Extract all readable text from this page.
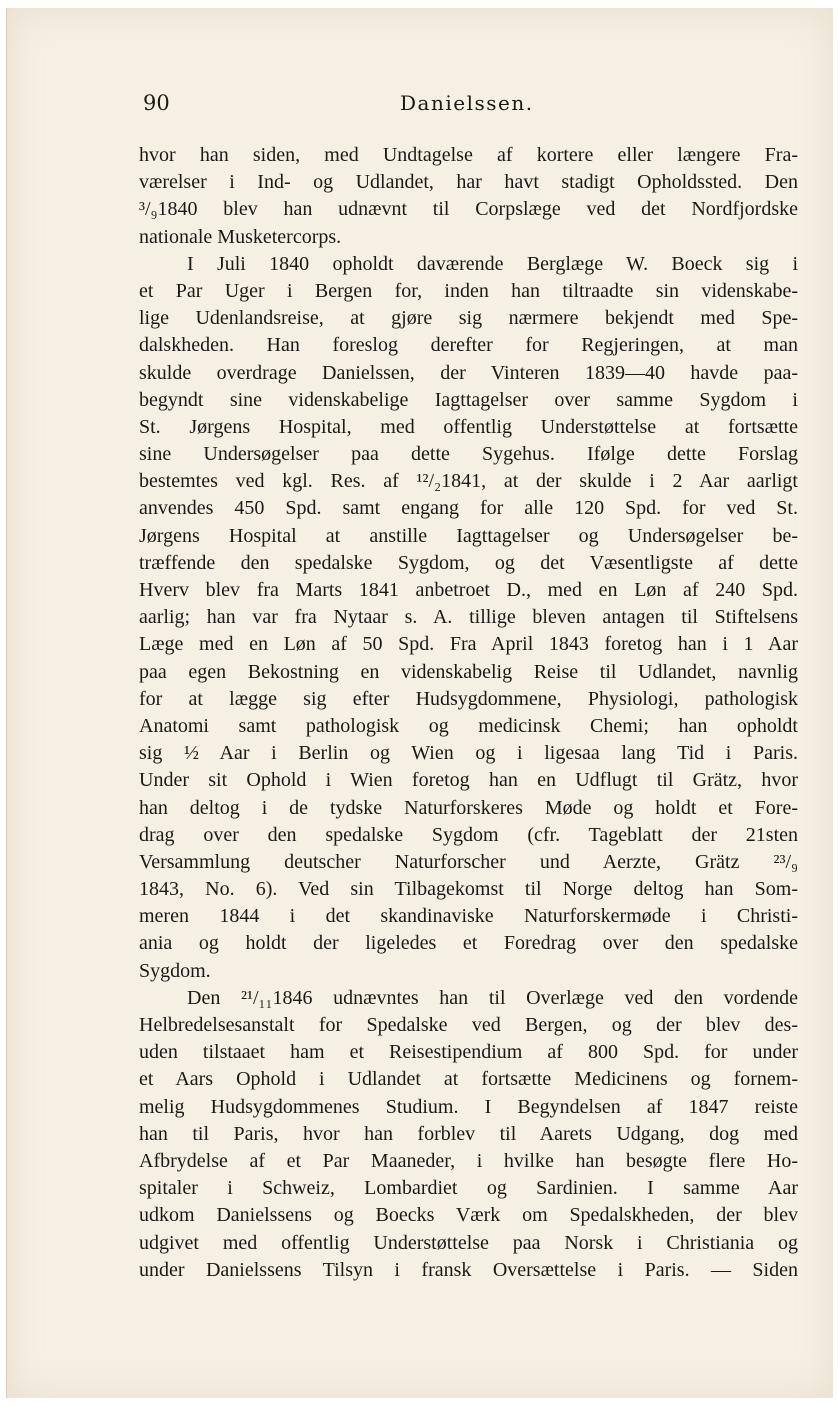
90	Danielssen.
hvor han siden, med Undtagelse af kortere eller længere Fra-
værelser i Ind- og Udlandet, har havt stadigt Opholdssted. Den
³/₉1840 blev han udnævnt til Corpslæge ved det Nordfjordske
nationale Musketercorps.
I Juli 1840 opholdt daværende Berglæge W. Boeck sig i
et Par Uger i Bergen for, inden han tiltraadte sin videnskabe-
lige Udenlandsreise, at gjøre sig nærmere bekjendt med Spe-
dalskheden. Han foreslog derefter for Regjeringen, at man
skulde overdrage Danielssen, der Vinteren 1839—40 havde paa-
begyndt sine videnskabelige Iagttagelser over samme Sygdom i
St. Jørgens Hospital, med offentlig Understøttelse at fortsætte
sine Undersøgelser paa dette Sygehus. Ifølge dette Forslag
bestemtes ved kgl. Res. af ¹²/₂1841, at der skulde i 2 Aar aarligt
anvendes 450 Spd. samt engang for alle 120 Spd. for ved St.
Jørgens Hospital at anstille Iagttagelser og Undersøgelser be-
træffende den spedalske Sygdom, og det Væsentligste af dette
Hverv blev fra Marts 1841 anbetroet D., med en Løn af 240 Spd.
aarlig; han var fra Nytaar s. A. tillige bleven antagen til Stiftelsens
Læge med en Løn af 50 Spd. Fra April 1843 foretog han i 1 Aar
paa egen Bekostning en videnskabelig Reise til Udlandet, navnlig
for at lægge sig efter Hudsygdommene, Physiologi, pathologisk
Anatomi samt pathologisk og medicinsk Chemi; han opholdt
sig ½ Aar i Berlin og Wien og i ligesaa lang Tid i Paris.
Under sit Ophold i Wien foretog han en Udflugt til Grätz, hvor
han deltog i de tydske Naturforskeres Møde og holdt et Fore-
drag over den spedalske Sygdom (cfr. Tageblatt der 21sten
Versammlung deutscher Naturforscher und Aerzte, Grätz ²³/₉
1843, No. 6). Ved sin Tilbagekomst til Norge deltog han Som-
meren 1844 i det skandinaviske Naturforskermøde i Christi-
ania og holdt der ligeledes et Foredrag over den spedalske
Sygdom.
Den ²¹/₁₁1846 udnævntes han til Overlæge ved den vordende
Helbredelsesanstalt for Spedalske ved Bergen, og der blev des-
uden tilstaaet ham et Reisestipendium af 800 Spd. for under
et Aars Ophold i Udlandet at fortsætte Medicinens og fornem-
melig Hudsygdommenes Studium. I Begyndelsen af 1847 reiste
han til Paris, hvor han forblev til Aarets Udgang, dog med
Afbrydelse af et Par Maaneder, i hvilke han besøgte flere Ho-
spitaler i Schweiz, Lombardiet og Sardinien. I samme Aar
udkom Danielssens og Boecks Værk om Spedalskheden, der blev
udgivet med offentlig Understøttelse paa Norsk i Christiania og
under Danielssens Tilsyn i fransk Oversættelse i Paris. — Siden
